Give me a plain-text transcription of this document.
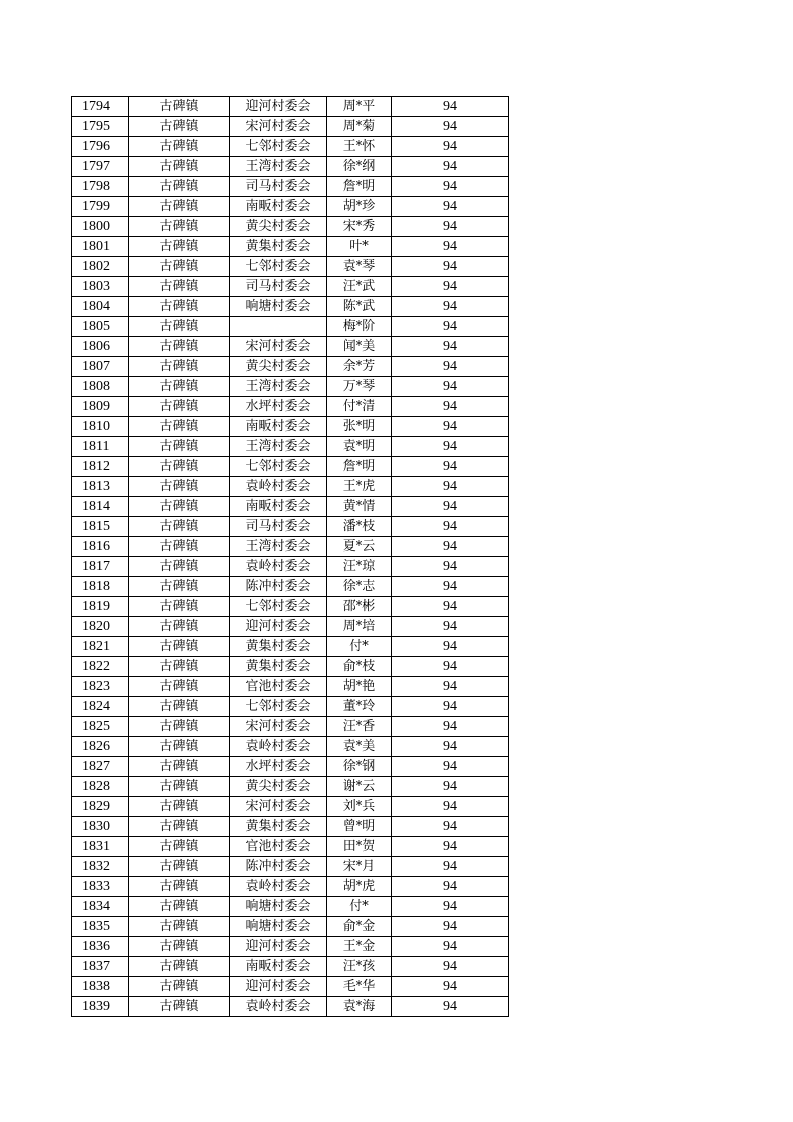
1794	古碑镇	迎河村委会	周*平	94
1795	古碑镇	宋河村委会	周*菊	94
1796	古碑镇	七邻村委会	王*怀	94
1797	古碑镇	王湾村委会	徐*纲	94
1798	古碑镇	司马村委会	詹*明	94
1799	古碑镇	南畈村委会	胡*珍	94
1800	古碑镇	黄尖村委会	宋*秀	94
1801	古碑镇	黄集村委会	叶*	94
1802	古碑镇	七邻村委会	袁*琴	94
1803	古碑镇	司马村委会	汪*武	94
1804	古碑镇	响塘村委会	陈*武	94
1805	古碑镇		梅*阶	94
1806	古碑镇	宋河村委会	闻*美	94
1807	古碑镇	黄尖村委会	余*芳	94
1808	古碑镇	王湾村委会	万*琴	94
1809	古碑镇	水坪村委会	付*清	94
1810	古碑镇	南畈村委会	张*明	94
1811	古碑镇	王湾村委会	袁*明	94
1812	古碑镇	七邻村委会	詹*明	94
1813	古碑镇	袁岭村委会	王*虎	94
1814	古碑镇	南畈村委会	黄*情	94
1815	古碑镇	司马村委会	潘*枝	94
1816	古碑镇	王湾村委会	夏*云	94
1817	古碑镇	袁岭村委会	汪*琼	94
1818	古碑镇	陈冲村委会	徐*志	94
1819	古碑镇	七邻村委会	邵*彬	94
1820	古碑镇	迎河村委会	周*培	94
1821	古碑镇	黄集村委会	付*	94
1822	古碑镇	黄集村委会	俞*枝	94
1823	古碑镇	官池村委会	胡*艳	94
1824	古碑镇	七邻村委会	董*玲	94
1825	古碑镇	宋河村委会	汪*香	94
1826	古碑镇	袁岭村委会	袁*美	94
1827	古碑镇	水坪村委会	徐*钢	94
1828	古碑镇	黄尖村委会	谢*云	94
1829	古碑镇	宋河村委会	刘*兵	94
1830	古碑镇	黄集村委会	曾*明	94
1831	古碑镇	官池村委会	田*贺	94
1832	古碑镇	陈冲村委会	宋*月	94
1833	古碑镇	袁岭村委会	胡*虎	94
1834	古碑镇	响塘村委会	付*	94
1835	古碑镇	响塘村委会	俞*金	94
1836	古碑镇	迎河村委会	王*金	94
1837	古碑镇	南畈村委会	汪*孩	94
1838	古碑镇	迎河村委会	毛*华	94
1839	古碑镇	袁岭村委会	袁*海	94
